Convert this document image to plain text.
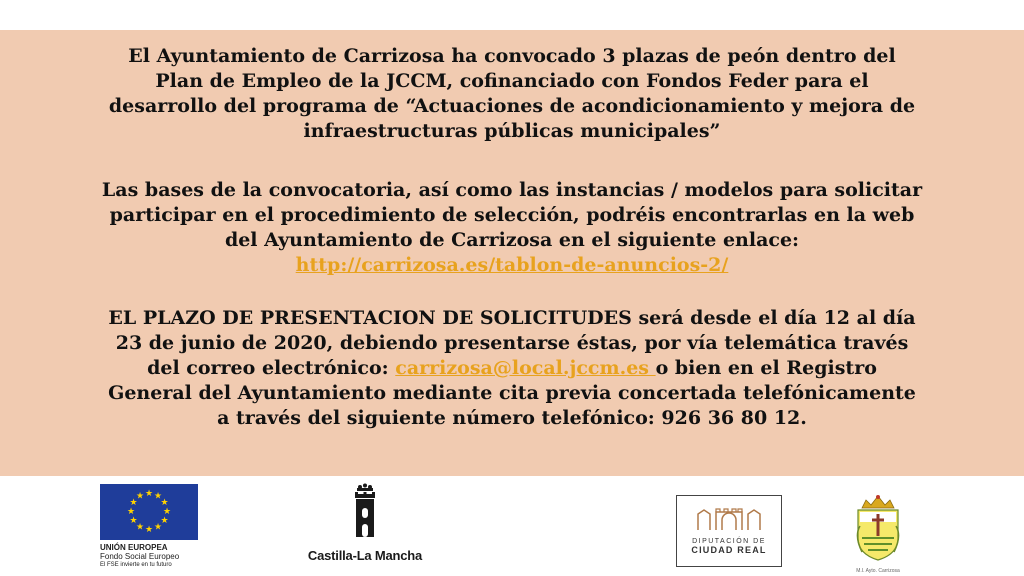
El Ayuntamiento de Carrizosa ha convocado 3 plazas de peón dentro del

Plan de Empleo de la JCCM, cofinanciado con Fondos Feder para el

desarrollo del programa de “Actuaciones de acondicionamiento y mejora de

infraestructuras públicas municipales”

Las bases de la convocatoria, así como las instancias / modelos para solicitar

participar en el procedimiento de selección, podréis encontrarlas en la web

del Ayuntamiento de Carrizosa en el siguiente enlace:

http://carrizosa.es/tablon-de-anuncios-2/

EL PLAZO DE PRESENTACION DE SOLICITUDES será desde el día 12 al día

23 de junio de 2020, debiendo presentarse éstas, por vía telemática través

del correo electrónico: carrizosa@local.jccm.es o bien en el Registro

General del Ayuntamiento mediante cita previa concertada telefónicamente

a través del siguiente número telefónico: 926 36 80 12.

★ ★
★
★
★
★
★
★
★
★
★
★
UNIÓN EUROPEA
Fondo Social Europeo
El FSE invierte en tu futuro
Castilla-La Mancha
DIPUTACIÓN DE
CIUDAD REAL
M.I. Ayto. Carrizosa
